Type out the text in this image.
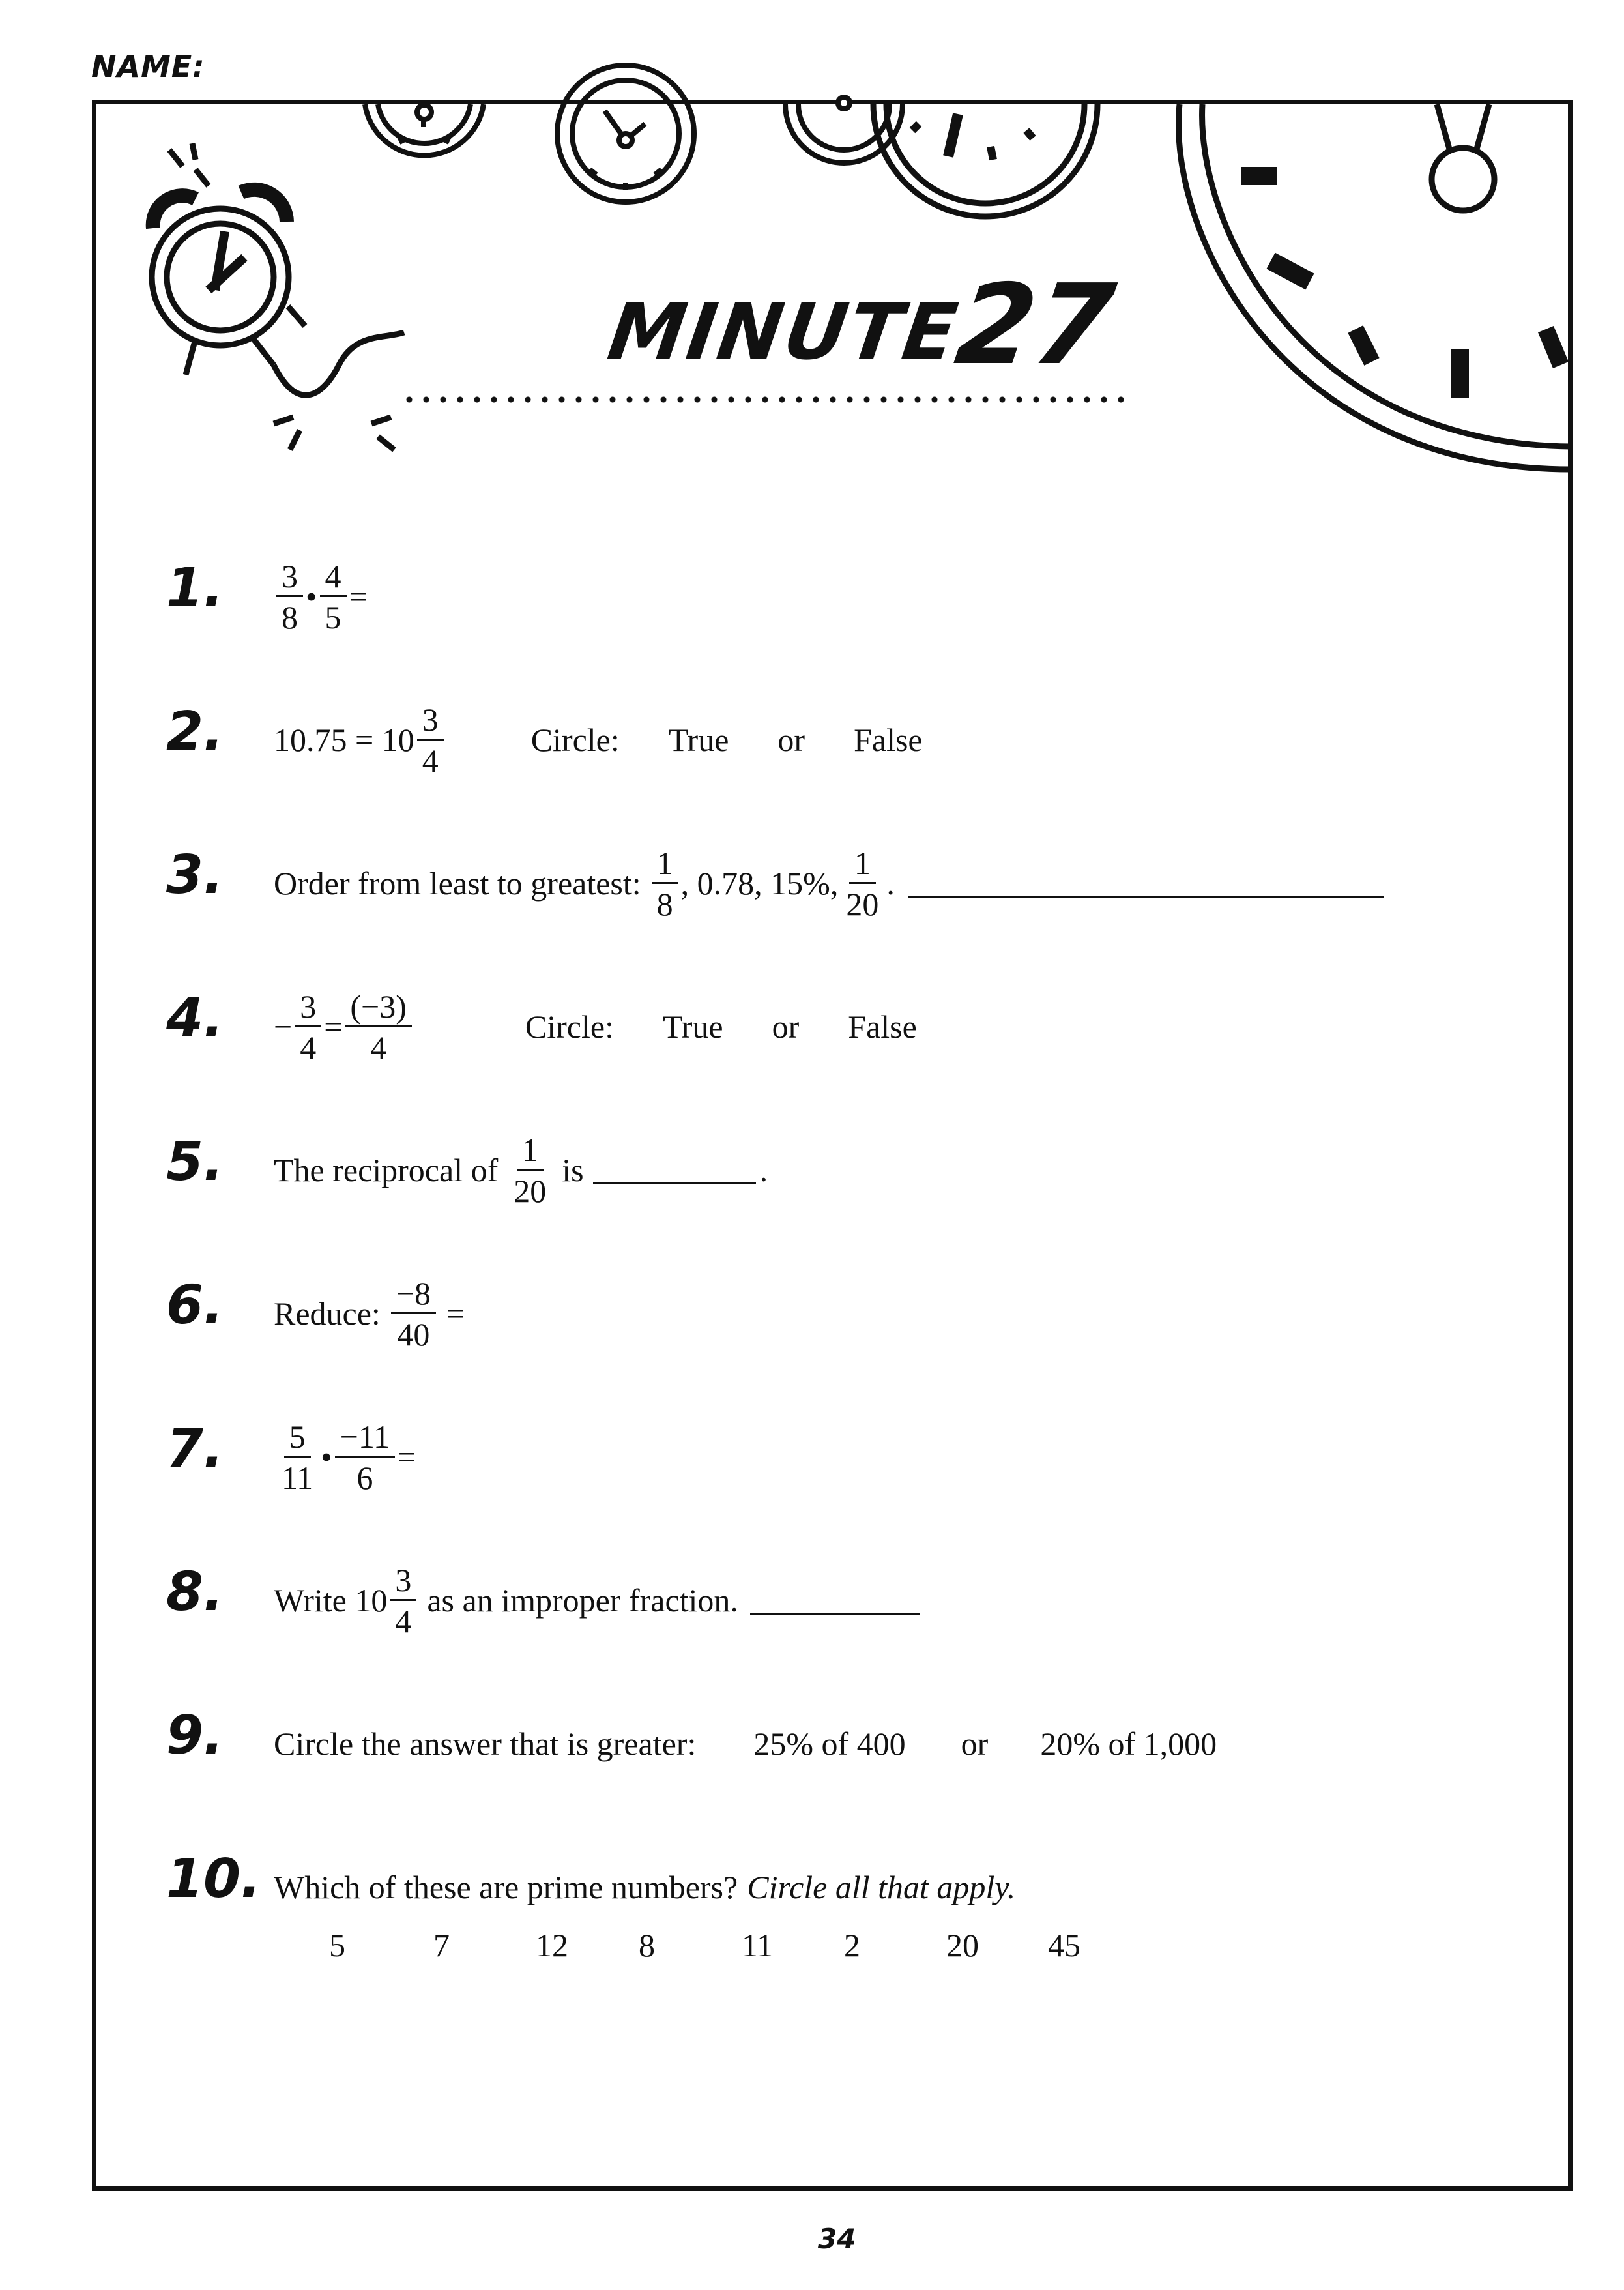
NAME:
MINUTE
27
1.	$\frac{3}{8}$ • $\frac{4}{5}$ =
2.	$10.75 = 10 \frac{3}{4}$	Circle: True or False
3.	Order from least to greatest: $\frac{1}{8}$ , 0.78, 15%, $\frac{1}{20}$ .
4.	− $\frac{3}{4} = \frac{(-3)}{4}$	Circle: True or False
5.	The reciprocal of $\frac{1}{20}$ is	.
6.	Reduce: $\frac{-8}{40}$ =
7.	$\frac{5}{11}$ • $\frac{-11}{6}$ =
8.	Write $10 \frac{3}{4}$ as an improper fraction.
9.	Circle the answer that is greater: 25% of 400 or 20% of 1,000
10. Which of these are prime numbers? Circle all that apply.
5	7	12 8	11 2	20 45
34
